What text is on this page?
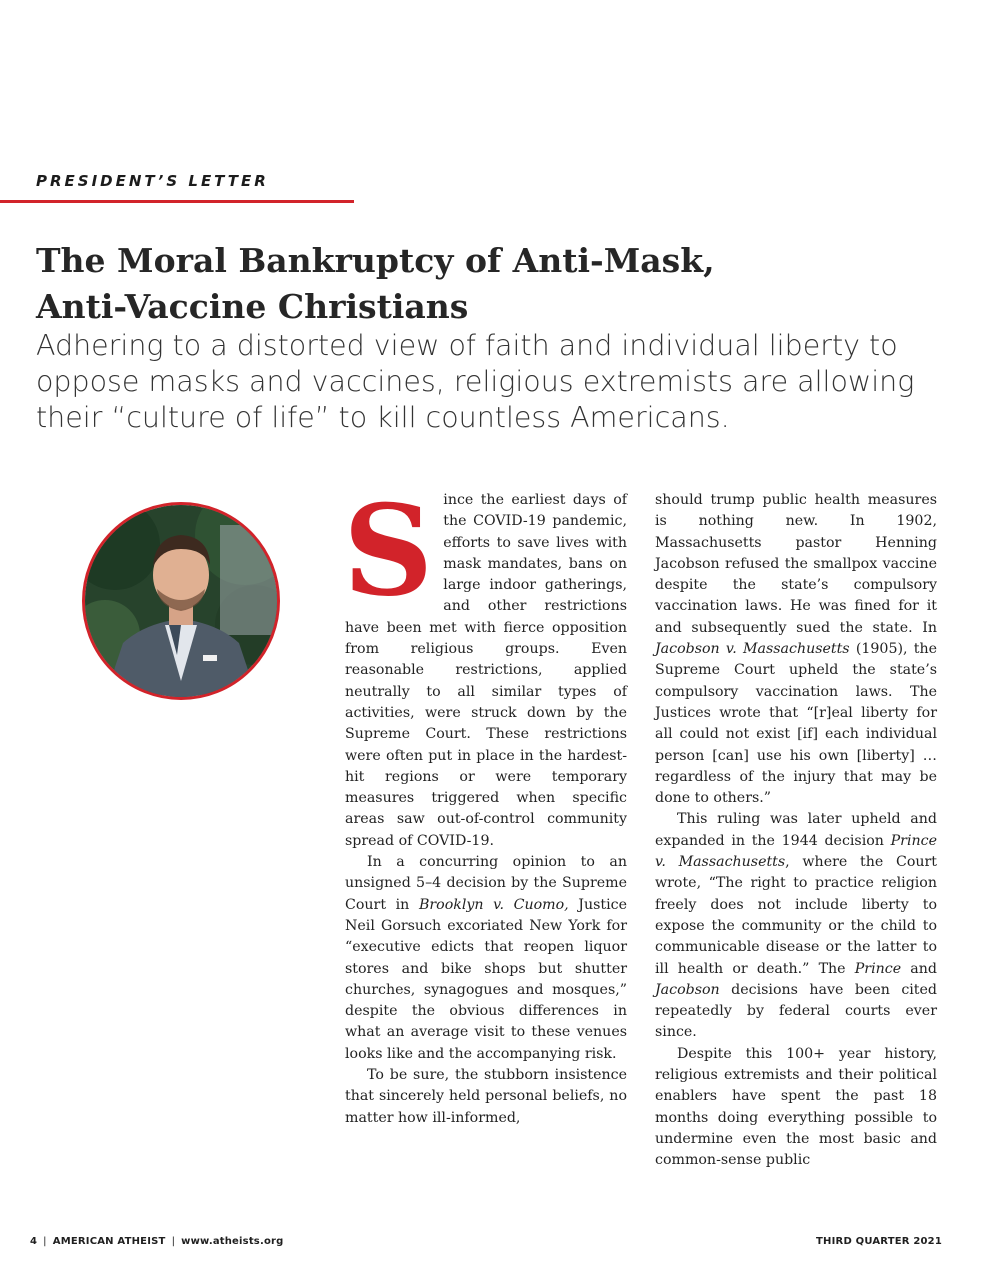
PRESIDENT’S LETTER
The Moral Bankruptcy of Anti-Mask,
Anti-Vaccine Christians

Adhering to a distorted view of faith and individual liberty to oppose masks and vaccines, religious extremists are allowing their “culture of life” to kill countless Americans.

Since the earliest days of the COVID-19 pandemic, efforts to save lives with mask mandates, bans on large indoor gatherings, and other restrictions have been met with fierce opposition from religious groups. Even reasonable restrictions, applied neutrally to all similar types of activities, were struck down by the Supreme Court. These restrictions were often put in place in the hardest-hit regions or were temporary measures triggered when specific areas saw out-of-control community spread of COVID-19.

In a concurring opinion to an unsigned 5–4 decision by the Supreme Court in Brooklyn v. Cuomo, Justice Neil Gorsuch excoriated New York for “executive edicts that reopen liquor stores and bike shops but shutter churches, synagogues and mosques,” despite the obvious differences in what an average visit to these venues looks like and the accompanying risk.

To be sure, the stubborn insistence that sincerely held personal beliefs, no matter how ill-informed,

should trump public health measures is nothing new. In 1902, Massachusetts pastor Henning Jacobson refused the smallpox vaccine despite the state’s compulsory vaccination laws. He was fined for it and subsequently sued the state. In Jacobson v. Massachusetts (1905), the Supreme Court upheld the state’s compulsory vaccination laws. The Justices wrote that “[r]eal liberty for all could not exist [if] each individual person [can] use his own [liberty] … regardless of the injury that may be done to others.”

This ruling was later upheld and expanded in the 1944 decision Prince v. Massachusetts, where the Court wrote, “The right to practice religion freely does not include liberty to expose the community or the child to communicable disease or the latter to ill health or death.” The Prince and Jacobson decisions have been cited repeatedly by federal courts ever since.

Despite this 100+ year history, religious extremists and their political enablers have spent the past 18 months doing everything possible to undermine even the most basic and common-sense public

4 | AMERICAN ATHEIST | www.atheists.org	THIRD QUARTER 2021
